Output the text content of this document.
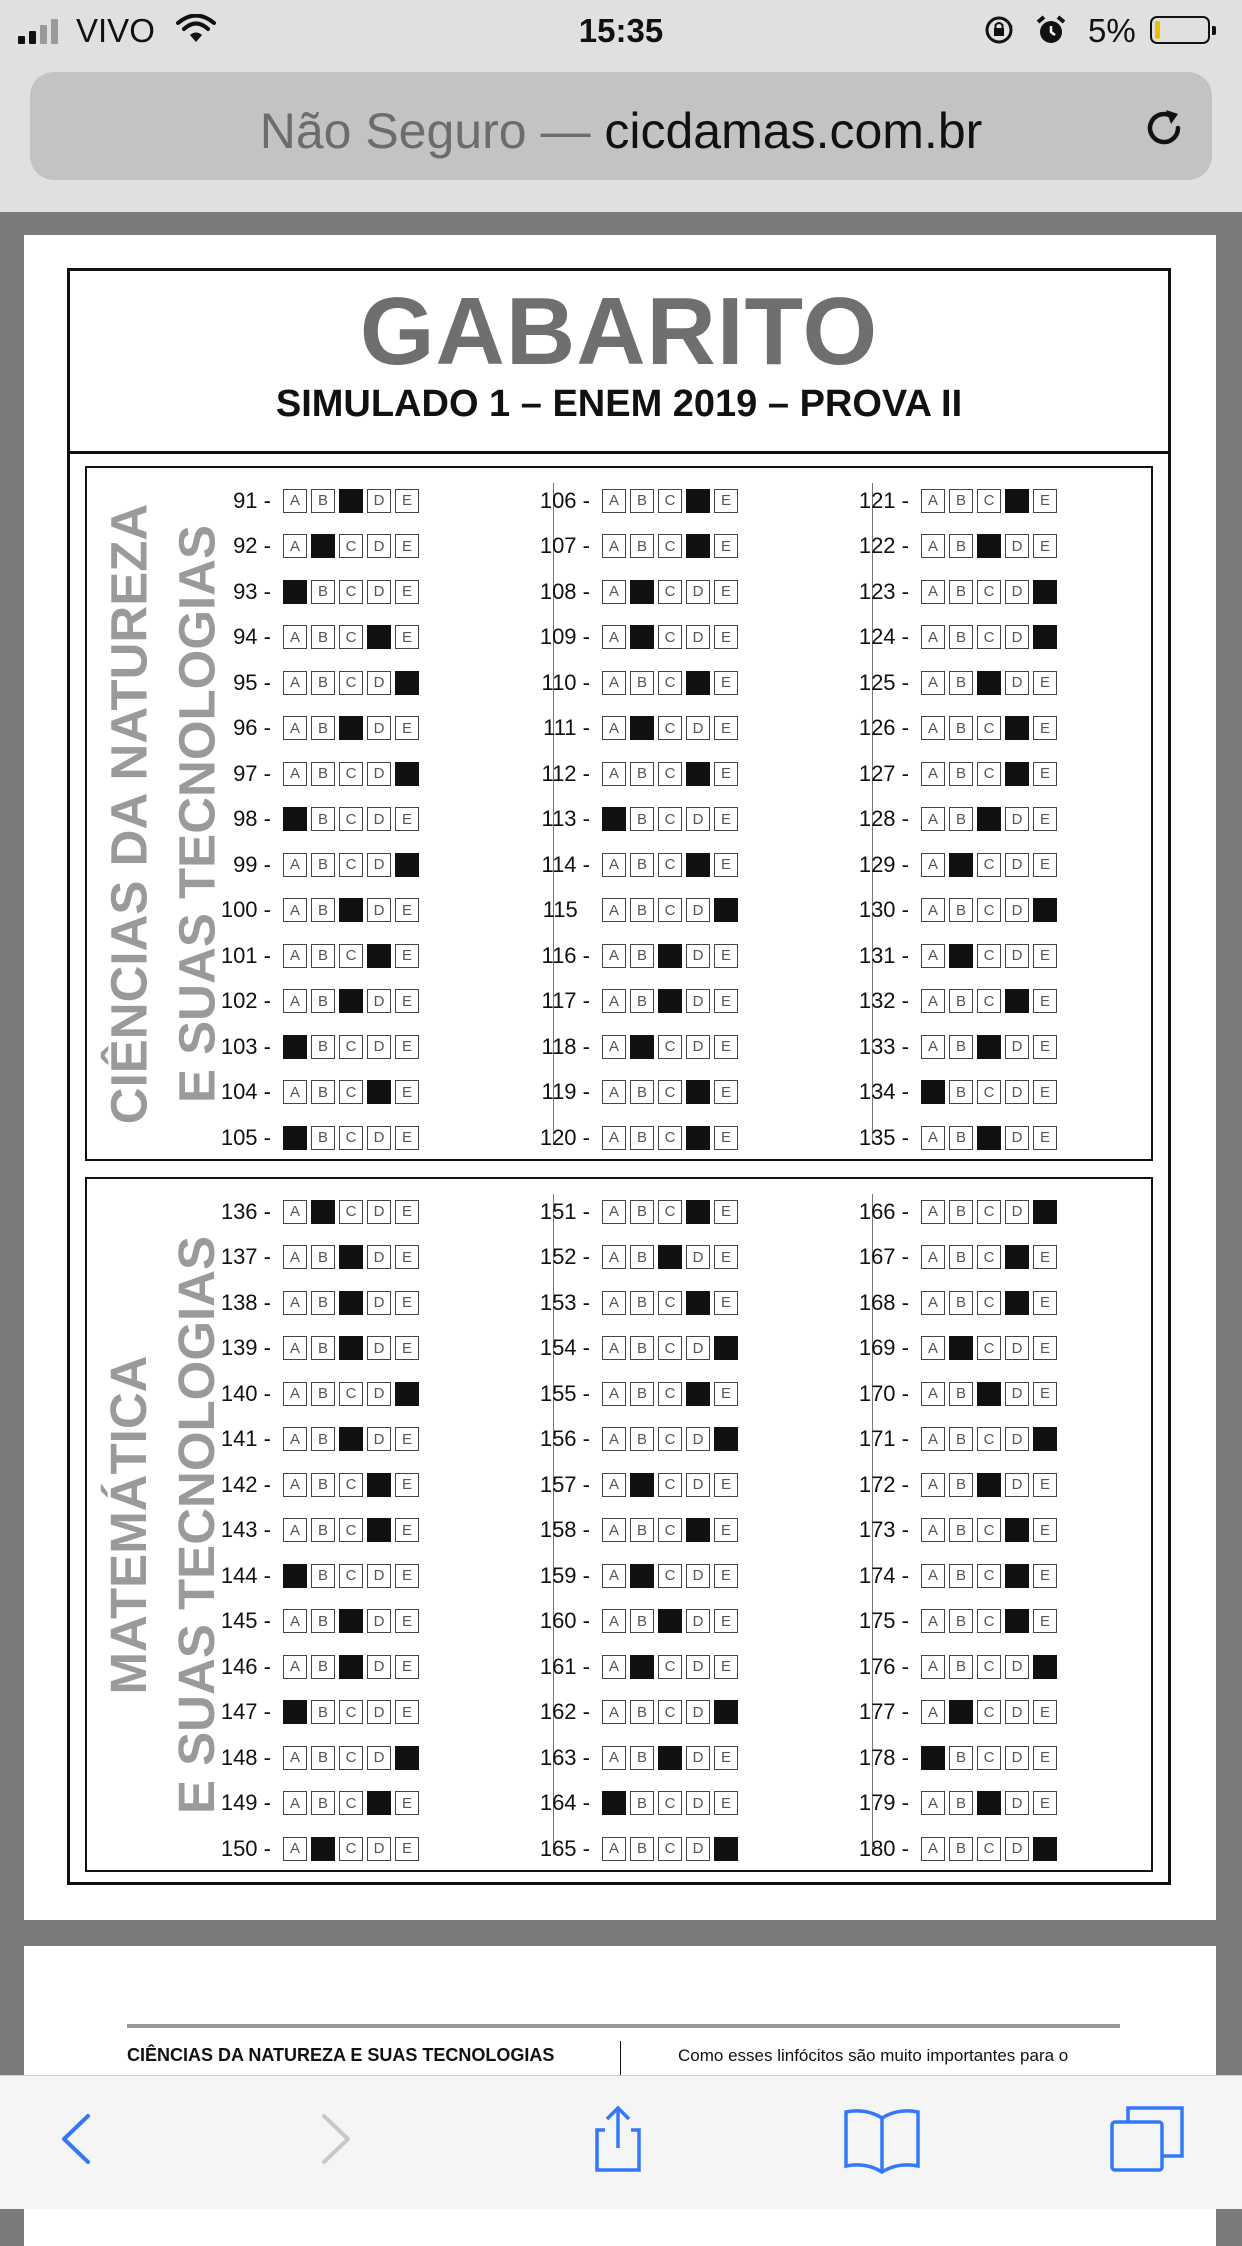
VIVO	15:35	5%
Não Seguro — cicdamas.com.br
GABARITO
SIMULADO 1 – ENEM 2019 – PROVA II
CIÊNCIAS DA NATUREZA E SUAS TECNOLOGIAS
91 -	A	B	D	E
92 -	A	C	D	E
93 -	B	C	D	E
94 -	A	B	C	E
95 -	A	B	C	D
96 -	A	B	D	E
97 -	A	B	C	D
98 -	B	C	D	E
99 -	A	B	C	D
100 -	A	B	D	E
101 -	A	B	C	E
102 -	A	B	D	E
103 -	B	C	D	E
104 -	A	B	C	E
105 -	B	C	D	E
106 -	A	B	C	E
107 -	A	B	C	E
108 -	A	C	D	E
109 -	A	C	D	E
110 -	A	B	C	E
111 -	A	C	D	E
112 -	A	B	C	E
113 -	B	C	D	E
114 -	A	B	C	E
115	A	B	C	D
116 -	A	B	D	E
117 -	A	B	D	E
118 -	A	C	D	E
119 -	A	B	C	E
120 -	A	B	C	E
121 -	A	B	C	E
122 -	A	B	D	E
123 -	A	B	C	D
124 -	A	B	C	D
125 -	A	B	D	E
126 -	A	B	C	E
127 -	A	B	C	E
128 -	A	B	D	E
129 -	A	C	D	E
130 -	A	B	C	D
131 -	A	C	D	E
132 -	A	B	C	E
133 -	A	B	D	E
134 -	B	C	D	E
135 -	A	B	D	E
MATEMÁTICA E SUAS TECNOLOGIAS
136 -	A	C	D	E
137 -	A	B	D	E
138 -	A	B	D	E
139 -	A	B	D	E
140 -	A	B	C	D
141 -	A	B	D	E
142 -	A	B	C	E
143 -	A	B	C	E
144 -	B	C	D	E
145 -	A	B	D	E
146 -	A	B	D	E
147 -	B	C	D	E
148 -	A	B	C	D
149 -	A	B	C	E
150 -	A	C	D	E
151 -	A	B	C	E
152 -	A	B	D	E
153 -	A	B	C	E
154 -	A	B	C	D
155 -	A	B	C	E
156 -	A	B	C	D
157 -	A	C	D	E
158 -	A	B	C	E
159 -	A	C	D	E
160 -	A	B	D	E
161 -	A	C	D	E
162 -	A	B	C	D
163 -	A	B	D	E
164 -	B	C	D	E
165 -	A	B	C	D
166 -	A	B	C	D
167 -	A	B	C	E
168 -	A	B	C	E
169 -	A	C	D	E
170 -	A	B	D	E
171 -	A	B	C	D
172 -	A	B	D	E
173 -	A	B	C	E
174 -	A	B	C	E
175 -	A	B	C	E
176 -	A	B	C	D
177 -	A	C	D	E
178 -	B	C	D	E
179 -	A	B	D	E
180 -	A	B	C	D
CIÊNCIAS DA NATUREZA E SUAS TECNOLOGIAS	Como esses linfócitos são muito importantes para o
